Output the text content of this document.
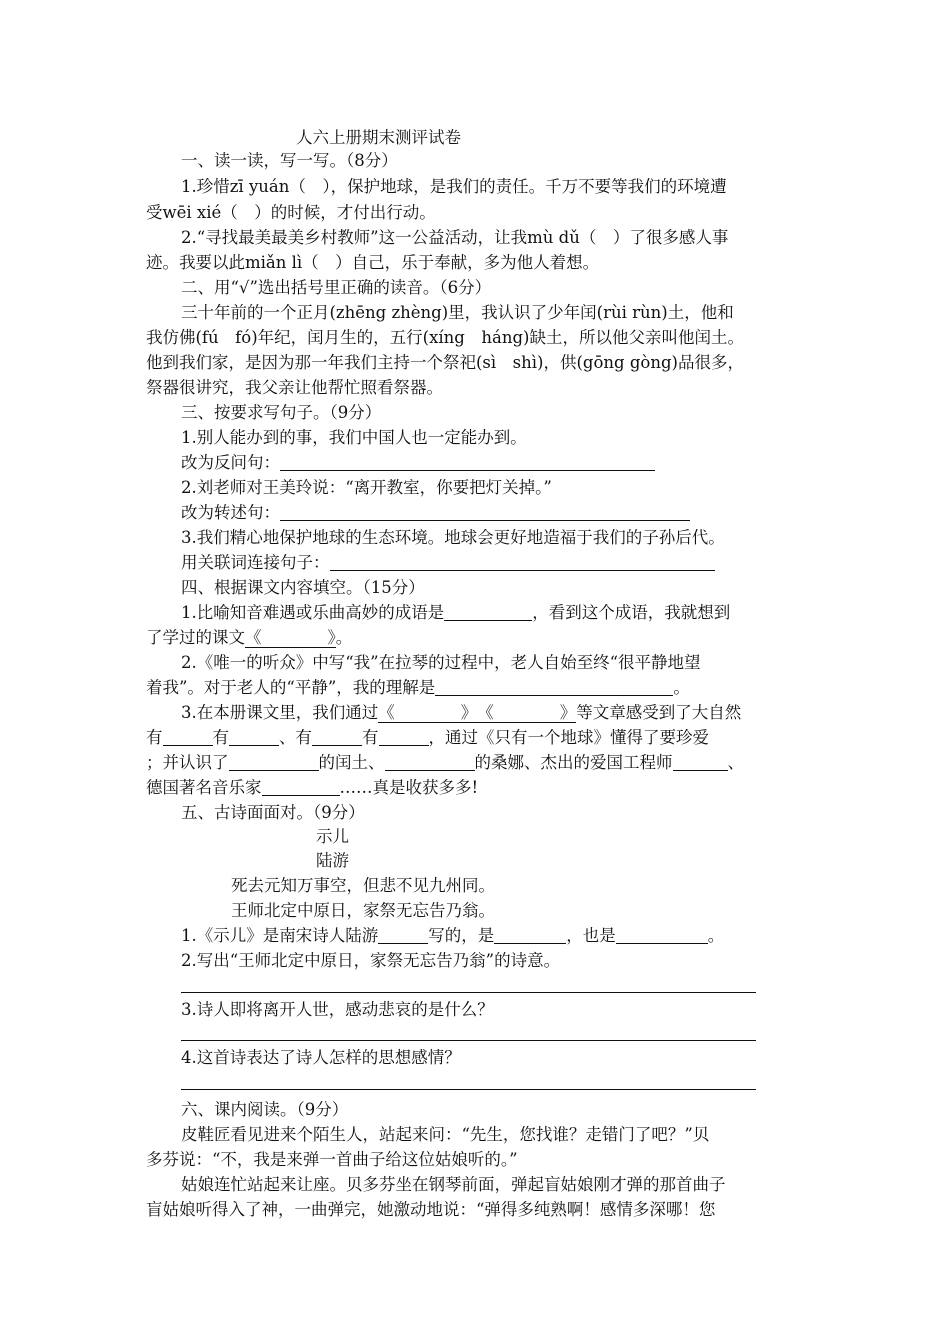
人六上册期末测评试卷
一、读一读，写一写。（8分）
1.珍惜zī yuán（　），保护地球，是我们的责任。千万不要等我们的环境遭
受wēi xié（　）的时候，才付出行动。
2.“寻找最美最美乡村教师”这一公益活动，让我mù dǔ（　）了很多感人事
迹。我要以此miǎn lì（　）自己，乐于奉献，多为他人着想。
二、用“√”选出括号里正确的读音。（6分）
三十年前的一个正月(zhēng zhèng)里，我认识了少年闰(rùi rùn)土，他和
我仿佛(fú　fó)年纪，闰月生的，五行(xíng　háng)缺土，所以他父亲叫他闰土。
他到我们家，是因为那一年我们主持一个祭祀(sì　shì)，供(gōng gòng)品很多，
祭器很讲究，我父亲让他帮忙照看祭器。
三、按要求写句子。（9分）
1.别人能办到的事，我们中国人也一定能办到。
改为反问句：
2.刘老师对王美玲说：“离开教室，你要把灯关掉。”
改为转述句：
3.我们精心地保护地球的生态环境。地球会更好地造福于我们的子孙后代。
用关联词连接句子：
四、根据课文内容填空。（15分）
1.比喻知音难遇或乐曲高妙的成语是	，看到这个成语，我就想到
了学过的课文《　　　　》。
2.《唯一的听众》中写“我”在拉琴的过程中，老人自始至终“很平静地望
着我”。对于老人的“平静”，我的理解是	。
3.在本册课文里，我们通过《　　　　》　 《　　　　》等文章感受到了大自然
有	有	、有	有	，通过《只有一个地球》懂得了要珍爱
；并认识了	的闰土、	的桑娜、杰出的爱国工程师	、
德国著名音乐家	……真是收获多多!
五、古诗面面对。（9分）
示儿
陆游
死去元知万事空，但悲不见九州同。
王师北定中原日，家祭无忘告乃翁。
1.《示儿》是南宋诗人陆游	写的，是	，也是	。
2.写出“王师北定中原日，家祭无忘告乃翁”的诗意。
3.诗人即将离开人世，感动悲哀的是什么？
4.这首诗表达了诗人怎样的思想感情？
六、课内阅读。（9分）
皮鞋匠看见进来个陌生人，站起来问：“先生，您找谁？走错门了吧？”贝
多芬说：“不，我是来弹一首曲子给这位姑娘听的。”
姑娘连忙站起来让座。贝多芬坐在钢琴前面，弹起盲姑娘刚才弹的那首曲子
盲姑娘听得入了神，一曲弹完，她激动地说：“弹得多纯熟啊！感情多深哪！您
